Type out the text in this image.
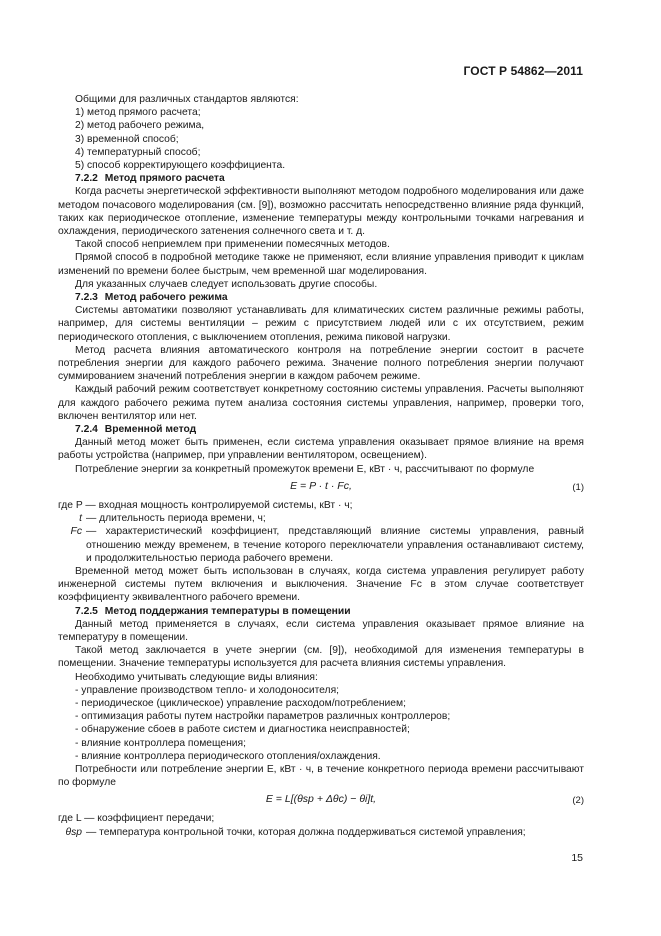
ГОСТ Р 54862—2011

Общими для различных стандартов являются:

1) метод прямого расчета;

2) метод рабочего режима,

3) временной способ;

4) температурный способ;

5) способ корректирующего коэффициента.

7.2.2 Метод прямого расчета

Когда расчеты энергетической эффективности выполняют методом подробного моделирования или даже методом почасового моделирования (см. [9]), возможно рассчитать непосредственно влияние ряда функций, таких как периодическое отопление, изменение температуры между контрольными точками нагревания и охлаждения, периодического затенения солнечного света и т. д.

Такой способ неприемлем при применении помесячных методов.

Прямой способ в подробной методике также не применяют, если влияние управления приводит к циклам изменений по времени более быстрым, чем временной шаг моделирования.

Для указанных случаев следует использовать другие способы.

7.2.3 Метод рабочего режима

Системы автоматики позволяют устанавливать для климатических систем различные режимы работы, например, для системы вентиляции – режим с присутствием людей или с их отсутствием, режим периодического отопления, с выключением отопления, режима пиковой нагрузки.

Метод расчета влияния автоматического контроля на потребление энергии состоит в расчете потребления энергии для каждого рабочего режима. Значение полного потребления энергии получают суммированием значений потребления энергии в каждом рабочем режиме.

Каждый рабочий режим соответствует конкретному состоянию системы управления. Расчеты выполняют для каждого рабочего режима путем анализа состояния системы управления, например, проверки того, включен вентилятор или нет.

7.2.4 Временной метод

Данный метод может быть применен, если система управления оказывает прямое влияние на время работы устройства (например, при управлении вентилятором, освещением).

Потребление энергии за конкретный промежуток времени E, кВт · ч, рассчитывают по формуле

E = P · t · Fc,	(1)

где P — входная мощность контролируемой системы, кВт · ч;

t — длительность периода времени, ч;
Fc — характеристический коэффициент, представляющий влияние системы управления, равный отношению между временем, в течение которого переключатели управления останавливают систему, и продолжительностью периода рабочего времени.

Временной метод может быть использован в случаях, когда система управления регулирует работу инженерной системы путем включения и выключения. Значение Fc в этом случае соответствует коэффициенту эквивалентного рабочего времени.

7.2.5 Метод поддержания температуры в помещении

Данный метод применяется в случаях, если система управления оказывает прямое влияние на температуру в помещении.

Такой метод заключается в учете энергии (см. [9]), необходимой для изменения температуры в помещении. Значение температуры используется для расчета влияния системы управления.

Необходимо учитывать следующие виды влияния:

- управление производством тепло- и холодоносителя;

- периодическое (циклическое) управление расходом/потреблением;

- оптимизация работы путем настройки параметров различных контроллеров;

- обнаружение сбоев в работе систем и диагностика неисправностей;

- влияние контроллера помещения;

- влияние контроллера периодического отопления/охлаждения.

Потребности или потребление энергии E, кВт · ч, в течение конкретного периода времени рассчитывают по формуле

E = L[(θsp + Δθc) − θi]t,	(2)

где L — коэффициент передачи;

θsp — температура контрольной точки, которая должна поддерживаться системой управления;
15
